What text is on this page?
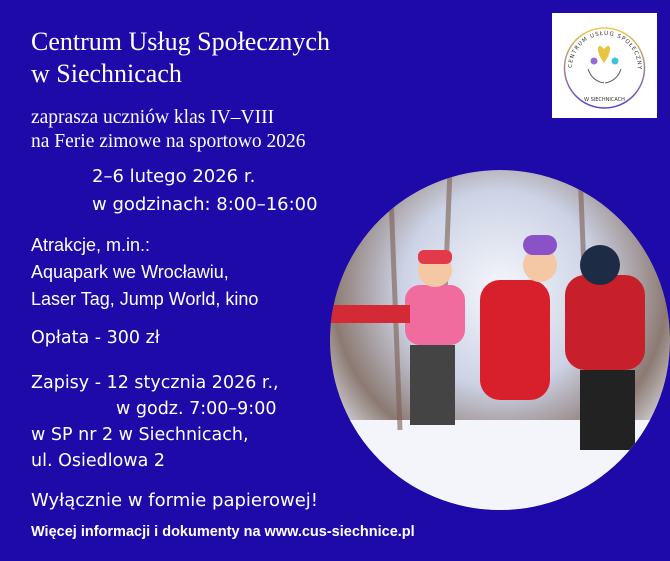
Centrum Usług Społecznych
w Siechnicach
zaprasza uczniów klas IV–VIII
na Ferie zimowe na sportowo 2026
2–6 lutego 2026 r.
w godzinach: 8:00–16:00
Atrakcje, m.in.:
Aquapark we Wrocławiu,
Laser Tag, Jump World, kino
Opłata - 300 zł
Zapisy - 12 stycznia 2026 r.,
w godz. 7:00–9:00
w SP nr 2 w Siechnicach,
ul. Osiedlowa 2
Wyłącznie w formie papierowej!
Więcej informacji i dokumenty na www.cus-siechnice.pl
CENTRUM USŁUG SPOŁECZNY
W SIECHNICACH
